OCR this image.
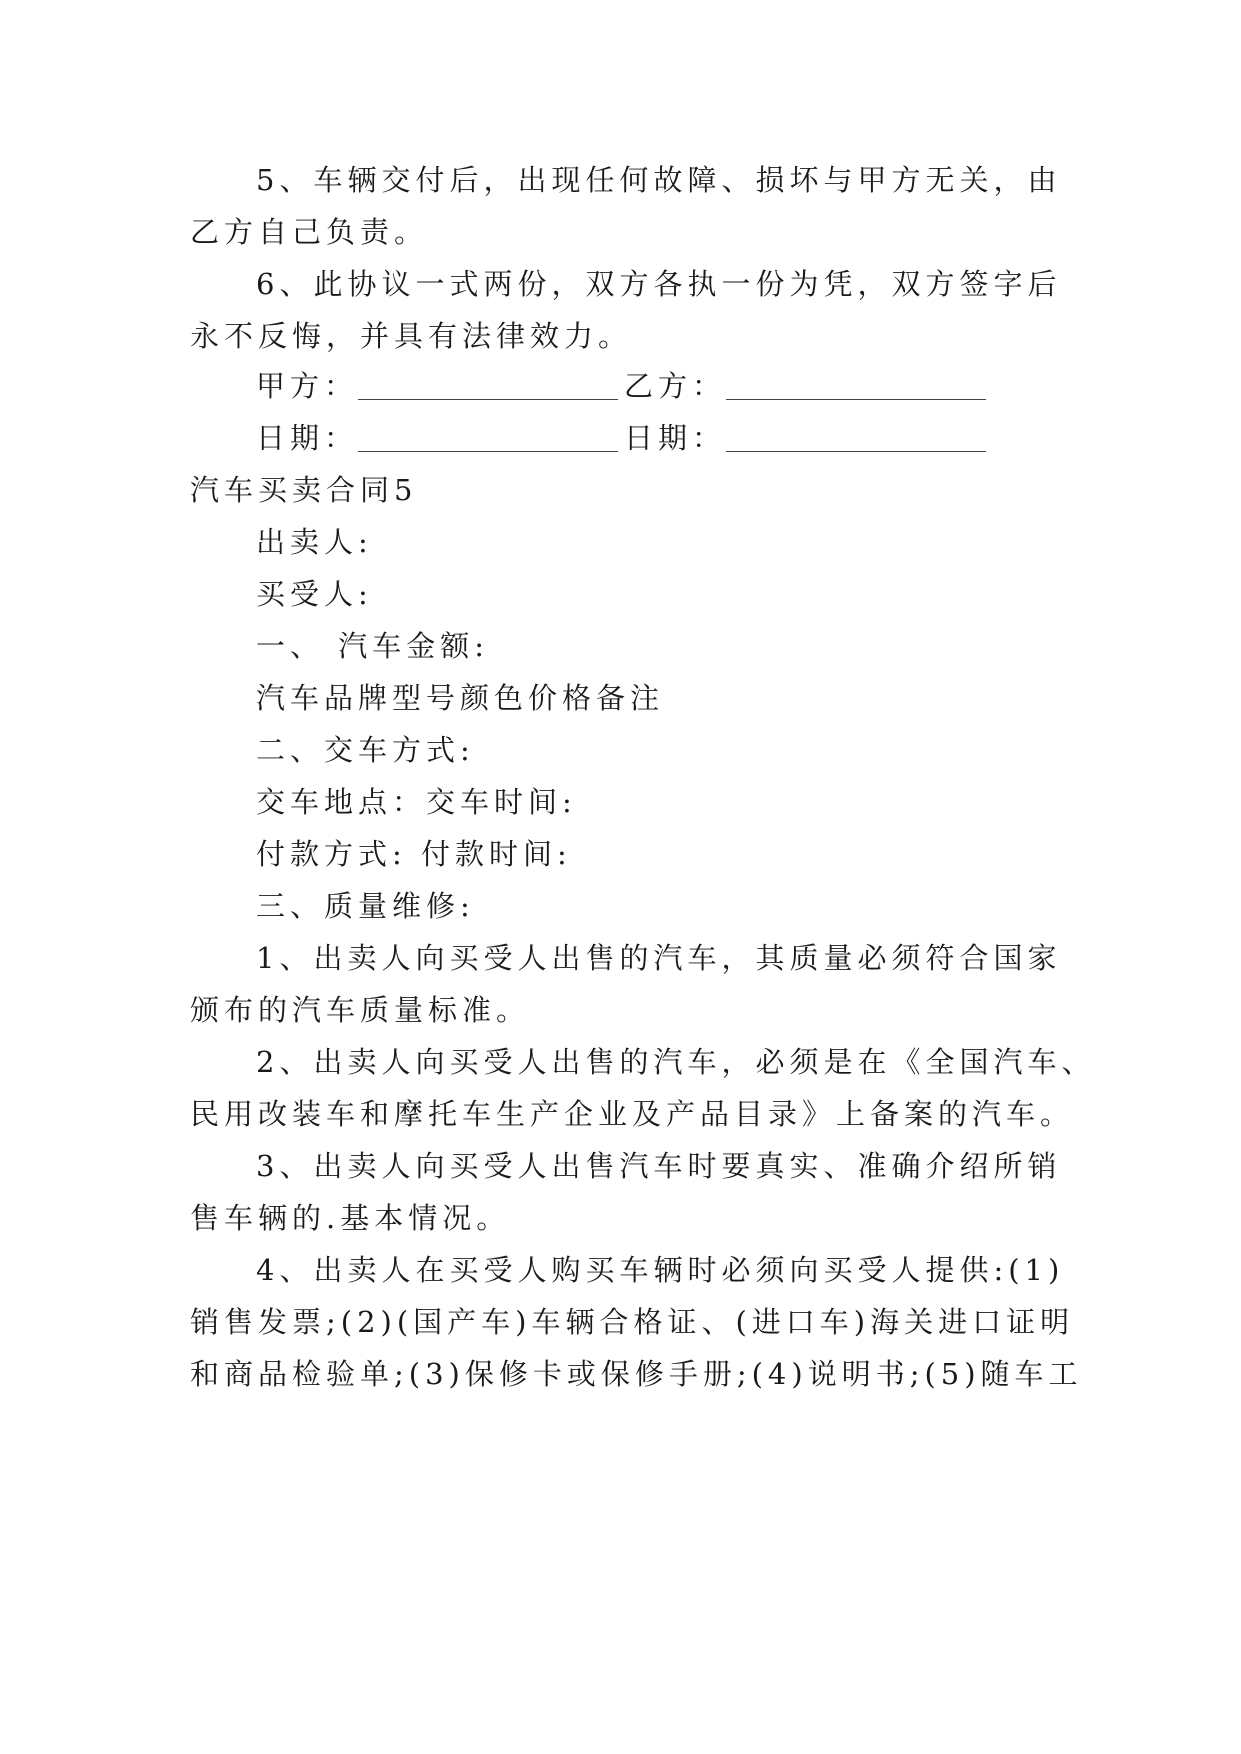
5、车辆交付后，出现任何故障、损坏与甲方无关，由
乙方自己负责。
6、此协议一式两份，双方各执一份为凭，双方签字后
永不反悔，并具有法律效力。
甲方：	乙方：
日期：	日期：
汽车买卖合同5
出卖人:
买受人:
一、 汽车金额:
汽车品牌型号颜色价格备注
二、交车方式:
交车地点：交车时间:
付款方式: 付款时间:
三、质量维修:
1、出卖人向买受人出售的汽车，其质量必须符合国家
颁布的汽车质量标准。
2、出卖人向买受人出售的汽车，必须是在《全国汽车、
民用改装车和摩托车生产企业及产品目录》上备案的汽车。
3、出卖人向买受人出售汽车时要真实、准确介绍所销
售车辆的.基本情况。
4、出卖人在买受人购买车辆时必须向买受人提供:(1)
销售发票;(2)(国产车)车辆合格证、(进口车)海关进口证明
和商品检验单;(3)保修卡或保修手册;(4)说明书;(5)随车工
